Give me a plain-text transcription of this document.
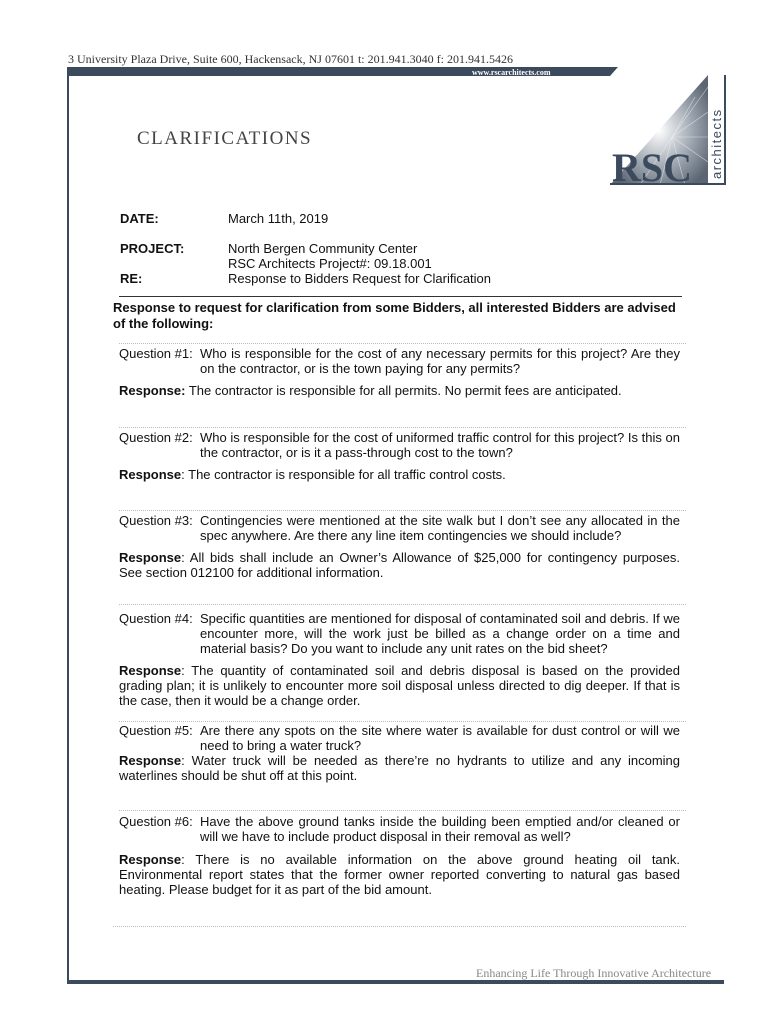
3 University Plaza Drive, Suite 600, Hackensack, NJ 07601 t: 201.941.3040 f: 201.941.5426
www.rscarchitects.com
RSC architects
CLARIFICATIONS
DATE:	March 11th, 2019
PROJECT:	North Bergen Community Center
RSC Architects Project#: 09.18.001
RE:	Response to Bidders Request for Clarification
Response to request for clarification from some Bidders, all interested Bidders are advised of the following:
Question #1: Who is responsible for the cost of any necessary permits for this project? Are they on the contractor, or is the town paying for any permits?
Response: The contractor is responsible for all permits. No permit fees are anticipated.
Question #2: Who is responsible for the cost of uniformed traffic control for this project? Is this on the contractor, or is it a pass-through cost to the town?
Response: The contractor is responsible for all traffic control costs.
Question #3: Contingencies were mentioned at the site walk but I don’t see any allocated in the spec anywhere. Are there any line item contingencies we should include?
Response: All bids shall include an Owner’s Allowance of $25,000 for contingency purposes. See section 012100 for additional information.
Question #4: Specific quantities are mentioned for disposal of contaminated soil and debris. If we encounter more, will the work just be billed as a change order on a time and material basis? Do you want to include any unit rates on the bid sheet?
Response: The quantity of contaminated soil and debris disposal is based on the provided grading plan; it is unlikely to encounter more soil disposal unless directed to dig deeper. If that is the case, then it would be a change order.
Question #5: Are there any spots on the site where water is available for dust control or will we need to bring a water truck?
Response: Water truck will be needed as there’re no hydrants to utilize and any incoming waterlines should be shut off at this point.
Question #6: Have the above ground tanks inside the building been emptied and/or cleaned or will we have to include product disposal in their removal as well?
Response: There is no available information on the above ground heating oil tank. Environmental report states that the former owner reported converting to natural gas based heating. Please budget for it as part of the bid amount.
Enhancing Life Through Innovative Architecture
